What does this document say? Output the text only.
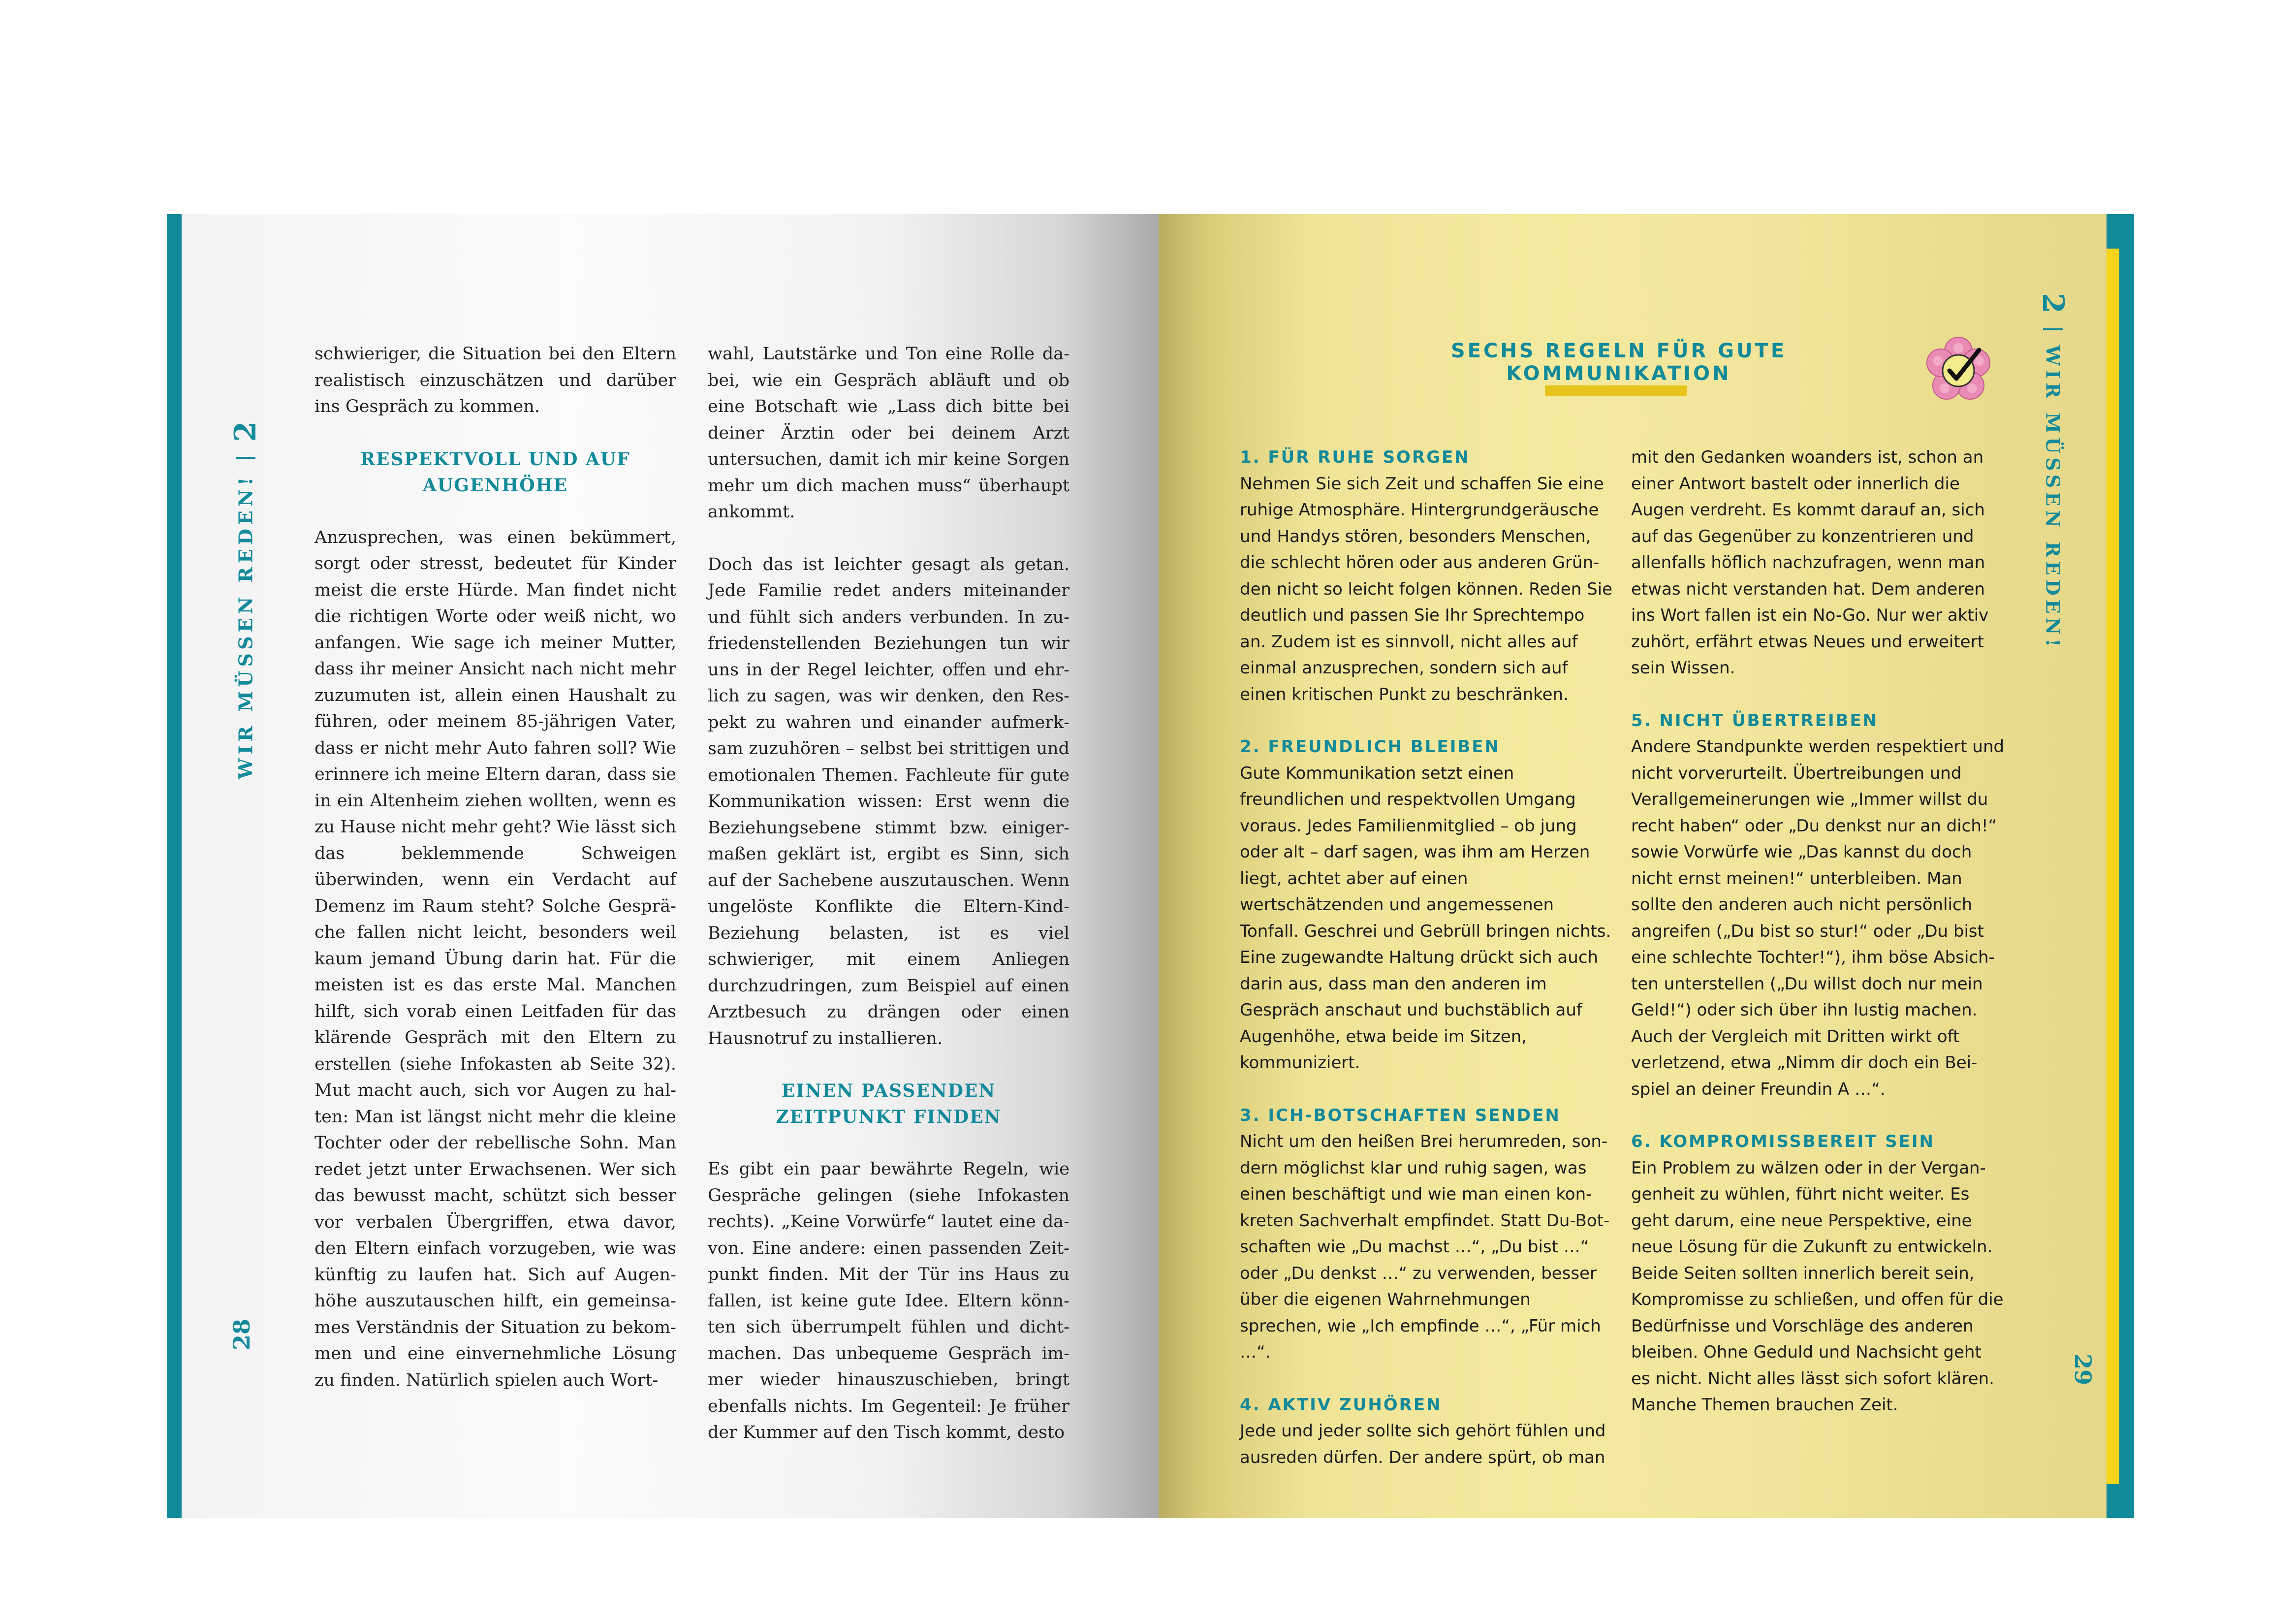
WIR MÜSSEN REDEN!2
28

schwieriger, die Situation bei den Eltern realistisch einzuschätzen und darüber ins Gespräch zu kommen.

RESPEKTVOLL UND AUF AUGENHÖHE

Anzusprechen, was einen bekümmert, sorgt oder stresst, bedeutet für Kinder meist die erste Hürde. Man findet nicht die richtigen Worte oder weiß nicht, wo anfangen. Wie sage ich meiner Mutter, dass ihr meiner Ansicht nach nicht mehr zuzumuten ist, allein einen Haushalt zu führen, oder meinem 85-jährigen Vater, dass er nicht mehr Auto fahren soll? Wie erinnere ich meine Eltern daran, dass sie in ein Altenheim ziehen wollten, wenn es zu Hause nicht mehr geht? Wie lässt sich das beklemmende Schweigen überwinden, wenn ein Verdacht auf Demenz im Raum steht? Solche Gespräche fallen nicht leicht, besonders weil kaum jemand Übung darin hat. Für die meisten ist es das erste Mal. Manchen hilft, sich vorab einen Leitfaden für das klärende Gespräch mit den Eltern zu erstellen (siehe Infokasten ab Seite 32). Mut macht auch, sich vor Augen zu halten: Man ist längst nicht mehr die kleine Tochter oder der rebellische Sohn. Man redet jetzt unter Erwachsenen. Wer sich das bewusst macht, schützt sich besser vor verbalen Übergriffen, etwa davor, den Eltern einfach vorzugeben, wie was künftig zu laufen hat. Sich auf Augenhöhe auszutauschen hilft, ein gemeinsames Verständnis der Situation zu bekommen und eine einvernehmliche Lösung zu finden. Natürlich spielen auch Wort-

wahl, Lautstärke und Ton eine Rolle dabei, wie ein Gespräch abläuft und ob eine Botschaft wie „Lass dich bitte bei deiner Ärztin oder bei deinem Arzt untersuchen, damit ich mir keine Sorgen mehr um dich machen muss“ überhaupt ankommt.

Doch das ist leichter gesagt als getan. Jede Familie redet anders miteinander und fühlt sich anders verbunden. In zufriedenstellenden Beziehungen tun wir uns in der Regel leichter, offen und ehrlich zu sagen, was wir denken, den Respekt zu wahren und einander aufmerksam zuzuhören – selbst bei strittigen und emotionalen Themen. Fachleute für gute Kommunikation wissen: Erst wenn die Beziehungsebene stimmt bzw. einigermaßen geklärt ist, ergibt es Sinn, sich auf der Sachebene auszutauschen. Wenn ungelöste Konflikte die Eltern-Kind-Beziehung belasten, ist es viel schwieriger, mit einem Anliegen durchzudringen, zum Beispiel auf einen Arztbesuch zu drängen oder einen Hausnotruf zu installieren.

EINEN PASSENDEN ZEITPUNKT FINDEN

Es gibt ein paar bewährte Regeln, wie Gespräche gelingen (siehe Infokasten rechts). „Keine Vorwürfe“ lautet eine davon. Eine andere: einen passenden Zeitpunkt finden. Mit der Tür ins Haus zu fallen, ist keine gute Idee. Eltern könnten sich überrumpelt fühlen und dichtmachen. Das unbequeme Gespräch immer wieder hinauszuschieben, bringt ebenfalls nichts. Im Gegenteil: Je früher der Kummer auf den Tisch kommt, desto

2WIR MÜSSEN REDEN!
29
SECHS REGELN FÜR GUTE KOMMUNIKATION
1. FÜR RUHE SORGEN
Nehmen Sie sich Zeit und schaffen Sie eine ruhige Atmosphäre. Hintergrundgeräusche und Handys stören, besonders Menschen, die schlecht hören oder aus anderen Gründen nicht so leicht folgen können. Reden Sie deutlich und passen Sie Ihr Sprechtempo an. Zudem ist es sinnvoll, nicht alles auf einmal anzusprechen, sondern sich auf einen kritischen Punkt zu beschränken.
2. FREUNDLICH BLEIBEN
Gute Kommunikation setzt einen freundlichen und respektvollen Umgang voraus. Jedes Familienmitglied – ob jung oder alt – darf sagen, was ihm am Herzen liegt, achtet aber auf einen wertschätzenden und angemessenen Tonfall. Geschrei und Gebrüll bringen nichts. Eine zugewandte Haltung drückt sich auch darin aus, dass man den anderen im Gespräch anschaut und buchstäblich auf Augenhöhe, etwa beide im Sitzen, kommuniziert.
3. ICH-BOTSCHAFTEN SENDEN
Nicht um den heißen Brei herumreden, sondern möglichst klar und ruhig sagen, was einen beschäftigt und wie man einen konkreten Sachverhalt empfindet. Statt Du-Botschaften wie „Du machst …“, „Du bist …“ oder „Du denkst …“ zu verwenden, besser über die eigenen Wahrnehmungen sprechen, wie „Ich empfinde …“, „Für mich …“.
4. AKTIV ZUHÖREN
Jede und jeder sollte sich gehört fühlen und ausreden dürfen. Der andere spürt, ob man
mit den Gedanken woanders ist, schon an einer Antwort bastelt oder innerlich die Augen verdreht. Es kommt darauf an, sich auf das Gegenüber zu konzentrieren und allenfalls höflich nachzufragen, wenn man etwas nicht verstanden hat. Dem anderen ins Wort fallen ist ein No-Go. Nur wer aktiv zuhört, erfährt etwas Neues und erweitert sein Wissen.
5. NICHT ÜBERTREIBEN
Andere Standpunkte werden respektiert und nicht vorverurteilt. Übertreibungen und Verallgemeinerungen wie „Immer willst du recht haben“ oder „Du denkst nur an dich!“ sowie Vorwürfe wie „Das kannst du doch nicht ernst meinen!“ unterbleiben. Man sollte den anderen auch nicht persönlich angreifen („Du bist so stur!“ oder „Du bist eine schlechte Tochter!“), ihm böse Absichten unterstellen („Du willst doch nur mein Geld!“) oder sich über ihn lustig machen. Auch der Vergleich mit Dritten wirkt oft verletzend, etwa „Nimm dir doch ein Beispiel an deiner Freundin A …“.
6. KOMPROMISSBEREIT SEIN
Ein Problem zu wälzen oder in der Vergangenheit zu wühlen, führt nicht weiter. Es geht darum, eine neue Perspektive, eine neue Lösung für die Zukunft zu entwickeln. Beide Seiten sollten innerlich bereit sein, Kompromisse zu schließen, und offen für die Bedürfnisse und Vorschläge des anderen bleiben. Ohne Geduld und Nachsicht geht es nicht. Nicht alles lässt sich sofort klären. Manche Themen brauchen Zeit.
